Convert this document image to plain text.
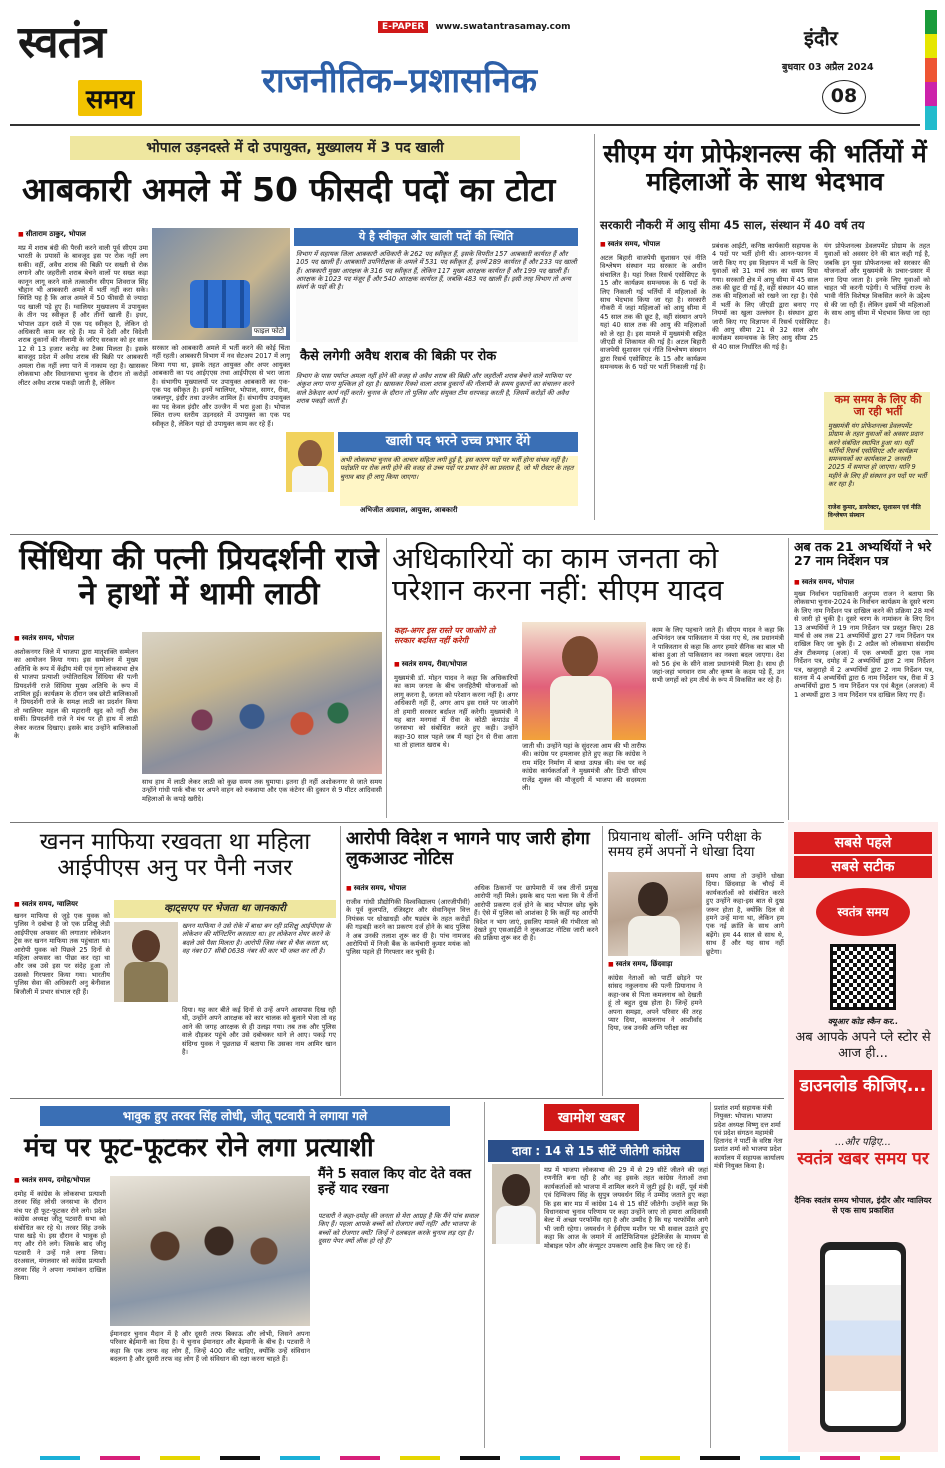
स्वतंत्र
समय
E-PAPER www.swatantrasamay.com
राजनीतिक–प्रशासनिक
इंदौर
बुधवार 03 अप्रैल 2024
08
भोपाल उड़नदस्ते में दो उपायुक्त, मुख्यालय में 3 पद खाली
आबकारी अमले में 50 फीसदी पदों का टोटा
■ सीताराम ठाकुर, भोपाल
मप्र में शराब बंदी की पैरवी करने वाली पूर्व सीएम उमा भारती के प्रयासों के बावजूद इस पर रोक नहीं लग सकी। वहीं, अवैध शराब की बिक्री पर सख्ती से रोक लगाने और जहरीली शराब बेचने वालों पर सख्त कड़ा कानून लागू करने वाले तत्कालीन सीएम शिवराज सिंह चौहान भी आबकारी अमले में भर्ती नहीं करा सके। स्थिति यह है कि आज अमले में 50 फीसदी से ज्यादा पद खाली पड़े हुए हैं। ग्वालियर मुख्यालय में उपायुक्त के तीन पद स्वीकृत हैं और तीनों खाली हैं। इधर, भोपाल उड़न दस्ते में एक पद स्वीकृत है, लेकिन दो अधिकारी काम कर रहे हैं। मप्र में देशी और विदेशी शराब दुकानों की नीलामी के जरिए सरकार को हर साल 12 से 13 हजार करोड़ का टैक्स मिलता है। इसके बावजूद प्रदेश में अवैध शराब की बिक्री पर आबकारी अमला रोक नहीं लगा पाने में नाकाम रहा है। खासकर लोकसभा और विधानसभा चुनाव के दौरान तो करोड़ों लीटर अवैध शराब पकड़ी जाती है, लेकिन
फाइल फोटो
सरकार को आबकारी अमले में भर्ती करने की कोई चिंता नहीं रहती। आबकारी विभाग में नव सेटअप 2017 में लागू किया गया था, इसके तहत आयुक्त और अपर आयुक्त आबकारी का पद आईएएस तथा आईपीएस से भरा जाता है। संभागीय मुख्यालयों पर उपायुक्त आबकारी का एक-एक पद स्वीकृत है। इनमें ग्वालियर, भोपाल, सागर, रीवा, जबलपुर, इंदौर तथा उज्जैन शामिल हैं। संभागीय उपायुक्त का पद केवल इंदौर और उज्जैन में भरा हुआ है। भोपाल स्थित राज्य स्तरीय उड़नदस्ते में उपायुक्त का एक पद स्वीकृत है, लेकिन यहां दो उपायुक्त काम कर रहे हैं।
ये है स्वीकृत और खाली पदों की स्थिति
विभाग में सहायक जिला आबकारी अधिकारी के 262 पद स्वीकृत हैं, इसके विपरीत 157 आबकारी कार्यरत हैं और 105 पद खाली हैं। आबकारी उपनिरीक्षक के अमले में 531 पद स्वीकृत हैं, इनमें 289 कार्यरत हैं और 233 पद खाली हैं। आबकारी मुख्य आरक्षक के 316 पद स्वीकृत हैं, लेकिन 117 मुख्य आरक्षक कार्यरत हैं और 199 पद खाली हैं। आरक्षक के 1023 पद मंजूर हैं और 540 आरक्षक कार्यरत हैं, जबकि 483 पद खाली हैं। इसी तरह विभाग तो अन्य संवर्ग के पदों की है।
कैसे लगेगी अवैध शराब की बिक्री पर रोक
विभाग के पास पर्याप्त अमला नहीं होने की वजह से अवैध शराब की बिक्री और जहरीली शराब बेचने वाले माफिया पर अंकुश लगा पाना मुश्किल हो रहा है। खासकर रिक्शे वाला शराब दुकानों की नीलामी के समय दुकानों का संचालन करने वाले ठेकेदार कार्य नहीं करते। चुनाव के दौरान तो पुलिस और संयुक्त टीम धरपकड़ करती है, जिसमें करोड़ों की अवैध शराब पकड़ी जाती है।
खाली पद भरने उच्च प्रभार देंगे
अभी लोकसभा चुनाव की आचार संहिता लगी हुई है, इस कारण पदों पर भर्ती होना संभव नहीं है। पदोन्नति पर रोक लगी होने की वजह से उच्च पदों पर प्रभार देने का प्रस्ताव है, जो भी रोस्टर के तहत चुनाव बाद ही लागू किया जाएगा।
अभिजीत अग्रवाल, आयुक्त, आबकारी
सीएम यंग प्रोफेशनल्स की भर्तियों में महिलाओं के साथ भेदभाव
सरकारी नौकरी में आयु सीमा 45 साल, संस्थान में 40 वर्ष तय
■ स्वतंत्र समय, भोपाल
अटल बिहारी वाजपेयी सुशासन एवं नीति विश्लेषण संस्थान मप्र सरकार के अधीन संचालित है। यहां रिक्त रिसर्च एसोसिएट के 15 और कार्यक्रम समन्वयक के 6 पदों के लिए निकाली गई भर्तियों में महिलाओं के साथ भेदभाव किया जा रहा है। सरकारी नौकरी में जहां महिलाओं को आयु सीमा में 45 साल तक की छूट है, वहीं संस्थान अपने यहां 40 साल तक की आयु की महिलाओं को ले रहा है। इस मामले में मुख्यमंत्री सहित जीएडी से शिकायत की गई है। अटल बिहारी वाजपेयी सुशासन एवं नीति विश्लेषण संस्थान द्वारा रिसर्च एसोसिएट के 15 और कार्यक्रम समन्वयक के 6 पदों पर भर्ती निकाली गई है।
प्रबंधक आईटी, कनिष्ठ कार्यकारी सहायक के 4 पदों पर भर्ती होनी थी। आनन-फानन में जारी किए गए इस विज्ञापन में भर्ती के लिए युवाओं को 31 मार्च तक का समय दिया गया। सरकारी क्षेत्र में आयु सीमा में 45 साल तक की छूट दी गई है, वहीं संस्थान 40 साल तक की महिलाओं को रखने जा रहा है। ऐसे में भर्ती के लिए जीएडी द्वारा बनाए गए नियमों का खुला उल्लंघन है। संस्थान द्वारा जारी किए गए विज्ञापन में रिसर्च एसोसिएट की आयु सीमा 21 से 32 साल और कार्यक्रम समन्वयक के लिए आयु सीमा 25 से 40 साल निर्धारित की गई है।
यंग प्रोफेशनल्स डेवलपमेंट प्रोग्राम के तहत युवाओं को अवसर देने की बात कही गई है, जबकि इन युवा प्रोफेशनल्स को सरकार की योजनाओं और मुख्यमंत्री के प्रचार-प्रसार में लगा दिया जाता है। इनके लिए युवाओं को चाहत भी करनी पड़ेगी। ये भर्तियां राज्य के भावी नीति विशेषज्ञ विकसित करने के उद्देश्य से की जा रही हैं। लेकिन इसमें भी महिलाओं के साथ आयु सीमा में भेदभाव किया जा रहा है।
कम समय के लिए की जा रही भर्ती
मुख्यमंत्री यंग प्रोफेशनल्स डेवलपमेंट प्रोग्राम के तहत युवाओं को अवसर प्रदान करने संबंधित स्थापित हुआ था। यहीं भर्तियों रिसर्च एसोसिएट और कार्यक्रम समन्वयकों का कार्यकाल 2 जनवरी 2025 में समाप्त हो जाएगा। यानि 9 महीने के लिए ही संस्थान इन पदों पर भर्ती कर रहा है।
राजेश कुमार, डायरेक्टर, सुशासन एवं नीति विश्लेषण संस्थान
सिंधिया की पत्नी प्रियदर्शनी राजे ने हाथों में थामी लाठी
■ स्वतंत्र समय, भोपाल
अशोकनगर जिले में भाजपा द्वारा मातृशक्ति सम्मेलन का आयोजन किया गया। इस सम्मेलन में मुख्य अतिथि के रूप में केंद्रीय मंत्री एवं गुना लोकसभा क्षेत्र से भाजपा प्रत्याशी ज्योतिरादित्य सिंधिया की पत्नी प्रियदर्शनी राजे सिंधिया मुख्य अतिथि के रूप में शामिल हुईं। कार्यक्रम के दौरान जब छोटी बालिकाओं ने प्रियदर्शनी राजे के समक्ष लाठी का प्रदर्शन किया तो ग्वालियर महल की महारानी खुद को नहीं रोक सकीं। प्रियदर्शनी राजे ने मंच पर ही हाथ में लाठी लेकर करतब दिखाए। इसके बाद उन्होंने बालिकाओं के
साथ हाथ में लाठी लेकर लाठी को कुछ समय तक घुमाया। इतना ही नहीं अशोकनगर से जाते समय उन्होंने गांधी पार्क चौक पर अपने वाहन को रुकवाया और एक कंटेनर की दुकान से 9 मीटर आदिवासी महिलाओं के कपड़े खरीदे।
अधिकारियों का काम जनता को परेशान करना नहीं: सीएम यादव
कहा-अगर इस रास्ते पर जाओगे तो सरकार बर्दाश्त नहीं करेगी
■ स्वतंत्र समय, रीवा/भोपाल
मुख्यमंत्री डॉ. मोहन यादव ने कहा कि अधिकारियों का काम जनता के बीच जनहितैषी योजनाओं को लागू करना है, जनता को परेशान करना नहीं है। अगर अधिकारी नहीं हैं, अगर आप इस रास्ते पर जाओगे तो हमारी सरकार बर्दाश्त नहीं करेगी। मुख्यमंत्री ने यह बात मनगवां में रीवा के कोठी कंपाउंड में जनसभा को संबोधित करते हुए कही। उन्होंने कहा-30 साल पहले जब मैं यहां ट्रेन से रीवा आता था तो हालात खराब थे।	जाती थी। उन्होंने यहां के सुंदरजा आम की भी तारीफ की। कांग्रेस पर हमलावर होते हुए कहा कि कांग्रेस ने राम मंदिर निर्माण में बाधा उत्पन्न की। मंच पर कई कांग्रेस कार्यकर्ताओं ने मुख्यमंत्री और डिप्टी सीएम राजेंद्र शुक्ल की मौजूदगी में भाजपा की सदस्यता ली।
काम के लिए पहचाने जाते हैं। सीएम यादव ने कहा कि अभिनंदन जब पाकिस्तान में फंस गए थे, तब प्रधानमंत्री ने पाकिस्तान से कहा कि अगर हमारे सैनिक का बाल भी बांका हुआ तो पाकिस्तान का नक्शा बदल जाएगा। देश को 56 इंच के सीने वाला प्रधानमंत्री मिला है। साथ ही जहां-जहां भगवान राम और कृष्ण के कदम पड़े हैं, उन सभी जगहों को हम तीर्थ के रूप में विकसित कर रहे हैं।
अब तक 21 अभ्यर्थियों ने भरे 27 नाम निर्देशन पत्र
■ स्वतंत्र समय, भोपाल
मुख्य निर्वाचन पदाधिकारी अनुपम राजन ने बताया कि लोकसभा चुनाव-2024 के निर्वाचन कार्यक्रम के दूसरे चरण के लिए नाम निर्देशन पत्र दाखिल करने की प्रक्रिया 28 मार्च से जारी हो चुकी है। दूसरे चरण के नामांकन के लिए दिन 13 अभ्यर्थियों ने 19 नाम निर्देशन पत्र प्रस्तुत किए। 28 मार्च से अब तक 21 अभ्यर्थियों द्वारा 27 नाम निर्देशन पत्र दाखिल किए जा चुके हैं। 2 अप्रैल को लोकसभा संसदीय क्षेत्र टीकमगढ़ (अजा) में एक अभ्यर्थी द्वारा एक नाम निर्देशन पत्र, दमोह में 2 अभ्यर्थियों द्वारा 2 नाम निर्देशन पत्र, खजुराहो में 2 अभ्यर्थियों द्वारा 2 नाम निर्देशन पत्र, सतना में 4 अभ्यर्थियों द्वारा 6 नाम निर्देशन पत्र, रीवा में 3 अभ्यर्थियों द्वारा 5 नाम निर्देशन पत्र एवं बैतूल (अजजा) में 1 अभ्यर्थी द्वारा 3 नाम निर्देशन पत्र दाखिल किए गए हैं।
खनन माफिया रखवता था महिला आईपीएस अनु पर पैनी नजर
■ स्वतंत्र समय, ग्वालियर
खनन माफिया से जुड़े एक युवक को पुलिस ने दबोचा है जो एक प्रशिक्षु लेडी आईपीएस अफसर की लगातार लोकेशन ट्रेस कर खनन माफिया तक पहुंचाता था। आरोपी युवक को पिछले 25 दिनों से महिला अफसर का पीछा कर रहा था और जब उसे इस पर संदेह हुआ तो उसको गिरफ्तार किया गया। भारतीय पुलिस सेवा की अधिकारी अनु बेनीवाल बिजौली में प्रभार संभाल रही हैं।
व्हाट्सएप पर भेजता था जानकारी
खनन माफिया ने उसे रोके में बाधा बन रही प्रशिक्षु आईपीएस के लोकेशन की मॉनिटरिंग करवाता था। हर लोकेशन शेयर करने के बदले उसे पैसा मिलता है। आरोपी जिस नंबर से चैक करता था, वह नंबर 07 सीबी 0638 नंबर की कार भी जब्त कर ली है।
दिया। यह कार बीते कई दिनों से उन्हें अपने आसपास दिख रही थी, उन्होंने अपने आरक्षक को कार चालक को बुलाने भेजा तो वह आने की जगह आरक्षक से ही उलझ गया। तब तक और पुलिस वाले दौड़कर पहुंचे और उसे दबोचकर थाने ले आए। पकड़े गए संदिग्ध युवक ने पूछताछ में बताया कि उसका नाम आमिर खान है।
आरोपी विदेश न भागने पाए जारी होगा लुकआउट नोटिस
■ स्वतंत्र समय, भोपाल
राजीव गांधी प्रौद्योगिकी विश्वविद्यालय (आरजीपीवी) के पूर्व कुलपति, रजिस्ट्रार और सेवानिवृत्त वित्त नियंत्रक पर धोखाधड़ी और षड्यंत्र के तहत करोड़ों की गड़बड़ी करने का प्रकरण दर्ज होने के बाद पुलिस ने अब उनकी तलाश शुरू कर दी है। पांच नामजद आरोपियों में निजी बैंक के कर्मचारी कुमार मयंक को पुलिस पहले ही गिरफ्तार कर चुकी है।
अधिक ठिकानों पर छापेमारी में जब तीनों प्रमुख आरोपी नहीं मिले। इसके बाद पता चला कि ये तीनों आरोपी प्रकरण दर्ज होने के बाद भोपाल छोड़ चुके हैं। ऐसे में पुलिस को आशंका है कि कहीं यह आरोपी विदेश न भाग जाएं, इसलिए मामले की गंभीरता को देखते हुए एसआईटी ने लुकआउट नोटिस जारी करने की प्रक्रिया शुरू कर दी है।
प्रियानाथ बोलीं- अग्नि परीक्षा के समय हमें अपनों ने धोखा दिया
■ स्वतंत्र समय, छिंदवाड़ा
कांग्रेस नेताओं को पार्टी छोड़ने पर सांसद नकुलनाथ की पत्नी प्रियानाथ ने कहा-जब से पिता कमलनाथ को देखती हूं तो बहुत दुख होता है। जिन्हें हमने अपना समझा, अपने परिवार की तरह प्यार दिया, कमलनाथ ने आशीर्वाद दिया, जब उनकी अग्नि परीक्षा का
समय आया तो उन्होंने धोखा दिया। छिंदवाड़ा के चौरई में कार्यकर्ताओं को संबोधित करते हुए उन्होंने कहा-इस बात से दुख जरूर होता है, क्योंकि दिल से हमने उन्हें माना था, लेकिन हम एक नई क्रांति के साथ आगे बढ़ेंगे। हम 44 साल से साथ थे, साथ हैं और यह साथ नहीं छूटेगा।
सबसे पहले
सबसे सटीक
स्वतंत्र समय
क्यूआर कोड स्कैन कर..
अब आपके अपने प्ले स्टोर से आज ही...
डाउनलोड कीजिए...
...और पढ़िए...
स्वतंत्र खबर समय पर
दैनिक स्वतंत्र समय भोपाल, इंदौर और ग्वालियर से एक साथ प्रकाशित
भावुक हुए तरवर सिंह लोधी, जीतू पटवारी ने लगाया गले
मंच पर फूट-फूटकर रोने लगा प्रत्याशी
■ स्वतंत्र समय, दमोह/भोपाल
दमोह में कांग्रेस के लोकसभा प्रत्याशी तरवर सिंह लोधी जनसभा के दौरान मंच पर ही फूट-फूटकर रोने लगे। प्रदेश कांग्रेस अध्यक्ष जीतू पटवारी सभा को संबोधित कर रहे थे। तरवर सिंह उनके पास खड़े थे। इस दौरान वे भावुक हो गए और रोने लगे। जिसके बाद जीतू पटवारी ने उन्हें गले लगा लिया। दरअसल, मंगलवार को कांग्रेस प्रत्याशी तरवर सिंह ने अपना नामांकन दाखिल किया।
ईमानदार चुनाव मैदान में है और दूसरी तरफ बिकाऊ और लोभी, जिसने अपना परिवार बेईमानी का दिया है। ये चुनाव ईमानदार और बेइमानी के बीच है। पटवारी ने कहा कि एक तरफ वह लोग हैं, जिन्हें 400 सीट चाहिए, क्योंकि उन्हें संविधान बदलना है और दूसरी तरफ वह लोग हैं जो संविधान की रक्षा करना चाहते हैं।
मैंने 5 सवाल किए वोट देते वक्त इन्हें याद रखना
पटवारी ने कहा-दमोह की जनता से मेरा आग्रह है कि मैंने पांच सवाल किए हैं। पहला आपके बच्चों को रोजगार क्यों नहीं? और भाजपा के बच्चों को रोजगार क्यों? जिन्हें ने दलबदल करके चुनाव लड़ रहा है। दूसरा पेपर क्यों लीक हो रहे हैं?
खामोश खबर
दावा : 14 से 15 सीटें जीतेगी कांग्रेस
मप्र में भाजपा लोकसभा की 29 में से 29 सीटें जीतने की जहां रणनीति बना रही है और वह इसके तहत कांग्रेस नेताओं तथा कार्यकर्ताओं को भाजपा में शामिल करने में जुटी हुई है। वहीं, पूर्व मंत्री एवं दिग्विजय सिंह के सुपुत्र जयवर्धन सिंह ने उम्मीद जताते हुए कहा कि इस बार मप्र में कांग्रेस 14 से 15 सीटें जीतेगी। उन्होंने कहा कि विधानसभा चुनाव परिणाम पर कहा उन्होंने जाए तो हमारा आदिवासी बेल्ट में अच्छा परफॉर्मेंस रहा है और उम्मीद है कि यह परफॉर्मेंस आगे भी जारी रहेगा। जयवर्धन ने ईवीएम मशीन पर भी सवाल उठाते हुए कहा कि आज के जमाने में आर्टिफिशियल इंटेलिजेंस के माध्यम से मोबाइल फोन और कंप्यूटर उपकरण आदि हैक किए जा रहे हैं।
प्रशांत शर्मा सहायक मंत्री नियुक्त: भोपाल। भाजपा प्रदेश अध्यक्ष विष्णु दत्त शर्मा एवं प्रदेश संगठन महामंत्री हितानंद ने पार्टी के वरिष्ठ नेता प्रशांत शर्मा को भाजपा प्रदेश कार्यालय में सहायक कार्यालय मंत्री नियुक्त किया है।
